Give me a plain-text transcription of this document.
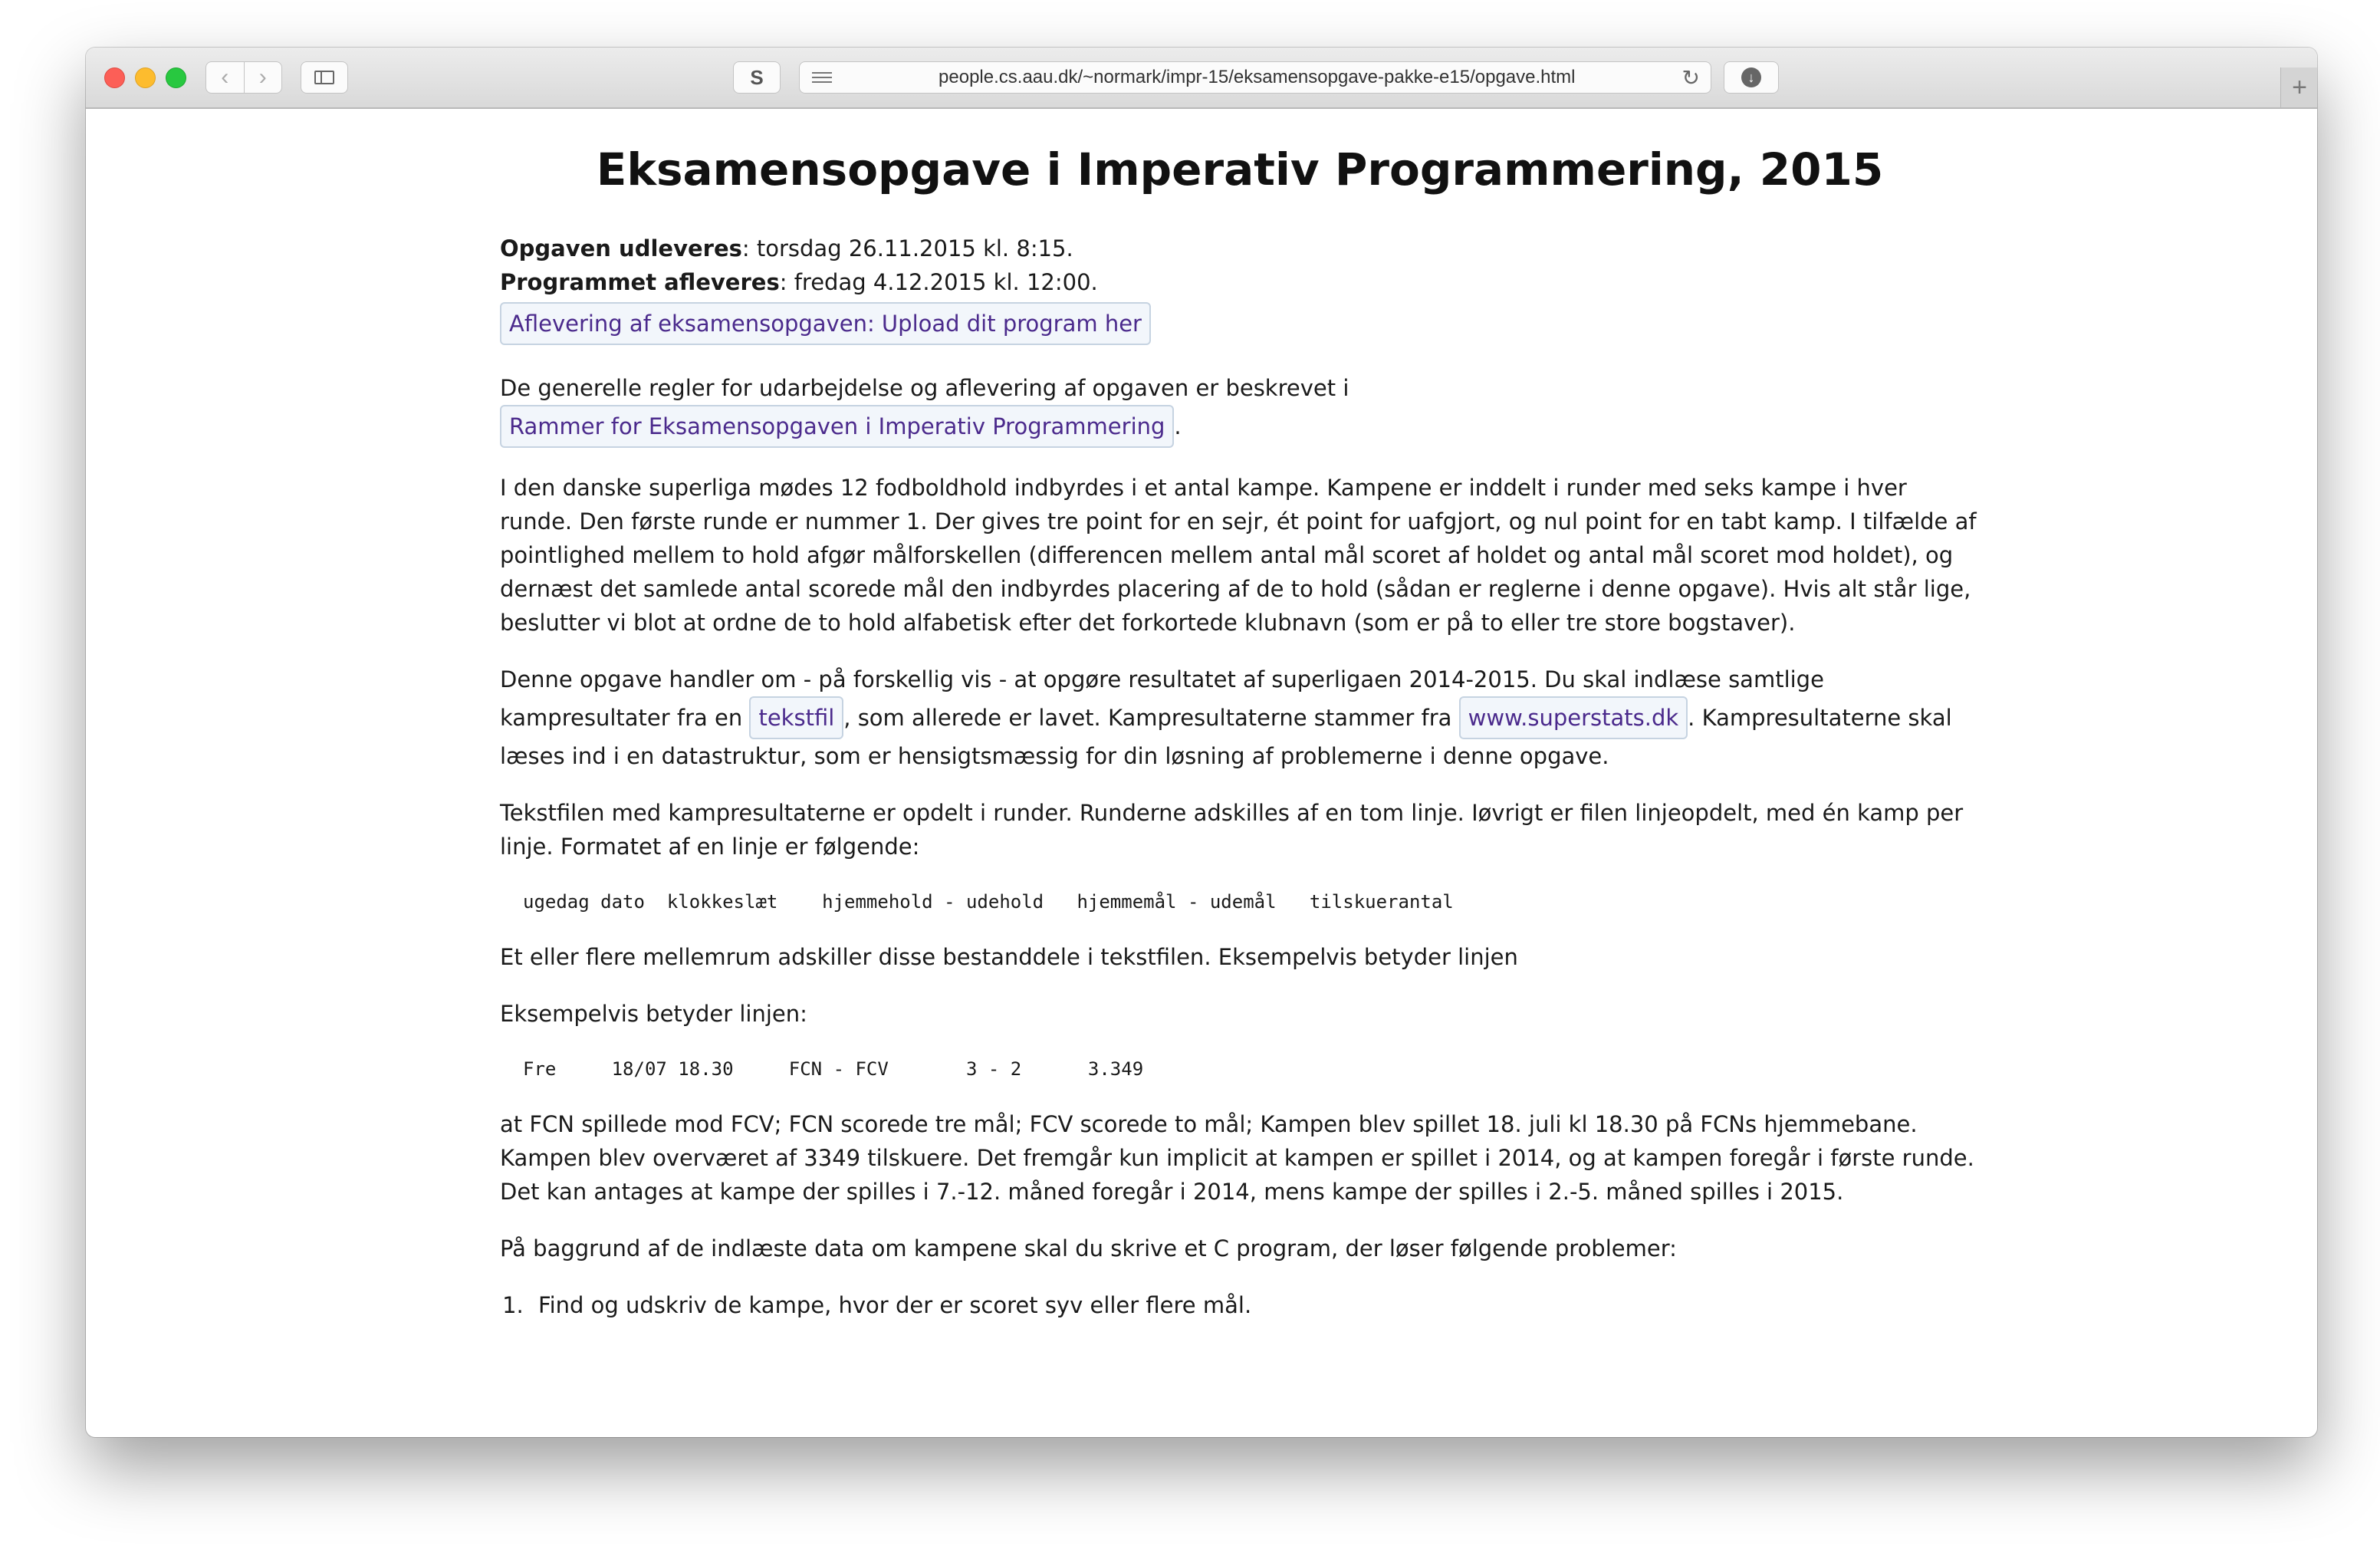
‹ ›	S	people.cs.aau.dk/~normark/impr-15/eksamensopgave-pakke-e15/opgave.html	↻	↓	+
Eksamensopgave i Imperativ Programmering, 2015
Opgaven udleveres: torsdag 26.11.2015 kl. 8:15.
Programmet afleveres: fredag 4.12.2015 kl. 12:00.
Aflevering af eksamensopgaven: Upload dit program her

De generelle regler for udarbejdelse og aflevering af opgaven er beskrevet i Rammer for Eksamensopgaven i Imperativ Programmering .

I den danske superliga mødes 12 fodboldhold indbyrdes i et antal kampe. Kampene er inddelt i runder med seks kampe i hver runde. Den første runde er nummer 1. Der gives tre point for en sejr, ét point for uafgjort, og nul point for en tabt kamp. I tilfælde af pointlighed mellem to hold afgør målforskellen (differencen mellem antal mål scoret af holdet og antal mål scoret mod holdet), og dernæst det samlede antal scorede mål den indbyrdes placering af de to hold (sådan er reglerne i denne opgave). Hvis alt står lige, beslutter vi blot at ordne de to hold alfabetisk efter det forkortede klubnavn (som er på to eller tre store bogstaver).

Denne opgave handler om - på forskellig vis - at opgøre resultatet af superligaen 2014-2015. Du skal indlæse samtlige kampresultater fra en tekstfil , som allerede er lavet. Kampresultaterne stammer fra www.superstats.dk . Kampresultaterne skal læses ind i en datastruktur, som er hensigtsmæssig for din løsning af problemerne i denne opgave.

Tekstfilen med kampresultaterne er opdelt i runder. Runderne adskilles af en tom linje. Iøvrigt er filen linjeopdelt, med én kamp per linje. Formatet af en linje er følgende:

ugedag dato  klokkeslæt    hjemmehold - udehold   hjemmemål - udemål   tilskuerantal

Et eller flere mellemrum adskiller disse bestanddele i tekstfilen. Eksempelvis betyder linjen

Eksempelvis betyder linjen:

Fre     18/07 18.30     FCN - FCV       3 - 2      3.349

at FCN spillede mod FCV; FCN scorede tre mål; FCV scorede to mål; Kampen blev spillet 18. juli kl 18.30 på FCNs hjemmebane. Kampen blev overværet af 3349 tilskuere. Det fremgår kun implicit at kampen er spillet i 2014, og at kampen foregår i første runde. Det kan antages at kampe der spilles i 7.-12. måned foregår i 2014, mens kampe der spilles i 2.-5. måned spilles i 2015.

På baggrund af de indlæste data om kampene skal du skrive et C program, der løser følgende problemer:

1. Find og udskriv de kampe, hvor der er scoret syv eller flere mål.
